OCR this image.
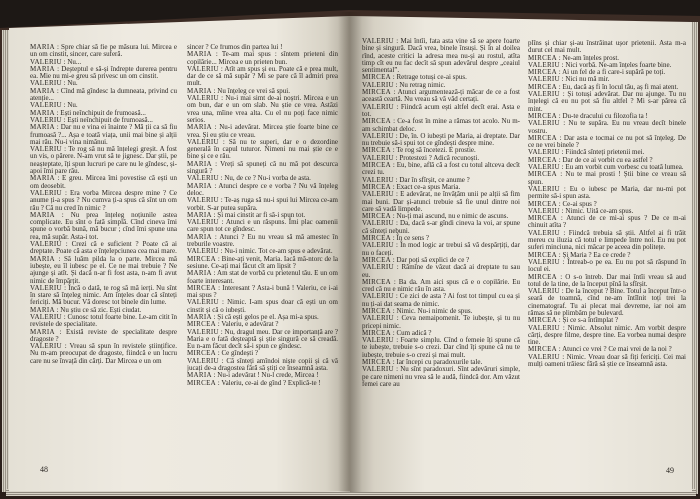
MARIA : Spre chiar să fie pe măsura lui. Mircea e un om cinstit, sincer, care suferă.

VALERIU : Nu...

MARIA : Deșteptul e să-și îndrepte durerea pentru ea. Mie nu mi-e greu să privesc un om cinstit.

VALERIU : Nu.

MARIA : Cînd mă gîndesc la dumneata, privind cu atenție...

VALERIU : Nu.

MARIA : Ești neînchipuit de frumoasă...

VALERIU : Ești neînchipuit de frumoasă...

MARIA : Dar nu e vina ei înainte ? Mă ții ca să fiu frumoasă ?... Așa e toată viața, unii mai bine și alții mai rău. Nu-i vina nimănui.

VALERIU : Te rog să nu mă înțelegi greșit. A fost un vis, o părere. N-am vrut să te jignesc. Dar știi, pe neașteptate, îți spun lucruri pe care nu le gîndesc, și-apoi îmi pare rău.

MARIA : E greu. Mircea îmi povestise că ești un om deosebit.

VALERIU : Era vorba Mircea despre mine ? Ce anume ți-a spus ? Nu cumva ți-a spus că sînt un om rău ? Că nu cred în nimic ?

MARIA : Nu prea înțeleg noțiunile astea complicate. Eu sînt o fată simplă. Cînd cineva îmi spune o vorbă bună, mă bucur ; cînd îmi spune una rea, mă supăr. Asta-i tot.

VALERIU : Crezi că e suficient ? Poate că ai dreptate. Poate că asta e înțelepciunea cea mai mare.

MARIA : Să luăm pilda la o parte. Mircea mă iubește, eu îl iubesc pe el. Ce ne mai trebuie ? Ne ajunge și atît. Și dacă n-ar fi fost asta, n-am fi avut nimic de împărțit.

VALERIU : Încă o dată, te rog să mă ierți. Nu sînt în stare să înțeleg nimic. Am înțeles doar că sînteți fericiți. Mă bucur. Vă doresc tot binele din lume.

MARIA : Nu știu ce să zic. Ești ciudat.

VALERIU : Cunosc totul foarte bine. Le-am citit în revistele de specialitate.

MARIA : Există reviste de specialitate despre dragoste ?

VALERIU : Vreau să spun în revistele științifice. Nu m-am preocupat de dragoste, fiindcă e un lucru care nu se învață din cărți. Dar Mircea e un om

sincer ? Ce frumos din partea lui !

MARIA : Te-am mai spus : sîntem prieteni din copilărie... Mircea e un prieten bun.

VALERIU : Atît am spus și eu. Poate că e prea mult, dar de ce să mă supăr ? Mi se pare că îl admiri prea mult.

MARIA : Nu înțeleg ce vrei să spui.

VALERIU : Nu-i mai simt de-ai noștri. Mircea e un om bun, dar e un om slab. Nu știe ce vrea. Astăzi vrea una, mîine vrea alta. Cu el nu poți face nimic serios.

MARIA : Nu-i adevărat. Mircea știe foarte bine ce vrea. Și eu știu ce vreau.

VALERIU : Să nu te superi, dar e o dezordine generală în capul tuturor. Nimeni nu mai știe ce e bine și ce e rău.

MARIA : Vreți să spuneți că nu mă pot descurca singură ?

VALERIU : Nu, de ce ? Nu-i vorba de asta.

MARIA : Atunci despre ce e vorba ? Nu vă înțeleg deloc.

VALERIU : Te-aș ruga să nu-i spui lui Mircea ce-am vorbit. S-ar putea supăra.

MARIA : Și mai cinstit ar fi să-i spun tot.

VALERIU : Atunci e un răspuns. Îmi plac oamenii care spun tot ce gîndesc.

MARIA : Atunci ? Eu nu vreau să mă amestec în treburile voastre.

VALERIU : Nu-i nimic. Tot ce-am spus e adevărat.

MIRCEA : Bine-ați venit, Maria. Iacă mă-ntorc de la sesiune. Ce-ați mai făcut cît am lipsit ?

MARIA : Am stat de vorbă cu prietenul tău. E un om foarte interesant.

MIRCEA : Interesant ? Asta-i bună ! Valeriu, ce i-ai mai spus ?

VALERIU : Nimic. I-am spus doar că ești un om cinstit și că o iubești.

MARIA : Și că ești gelos pe el. Așa mi-a spus.

MIRCEA : Valeriu, e adevărat ?

VALERIU : Nu, dragul meu. Dar ce importanță are ? Maria e o fată deșteaptă și știe singură ce să creadă. Eu n-am făcut decît să-i spun ce gîndesc.

MIRCEA : Ce gîndești ?

VALERIU : Că sînteți amîndoi niște copii și că vă jucați de-a dragostea fără să știți ce înseamnă asta.

MARIA : Nu-i adevărat ! Nu-l crede, Mircea !

MIRCEA : Valeriu, ce-ai de gînd ? Explică-te !

VALERIU : Mai întîi, fata asta vine să se apere foarte bine și singură. Dacă vrea, binele însuși. Și în al doilea rînd, aceste critici la adresa mea nu-și au rostul, atîta timp cît eu nu fac decît să spun adevărul despre „ceaiul sentimental”.

MIRCEA : Retrage totuși ce-ai spus.

VALERIU : Nu retrag nimic.

MIRCEA : Atunci argumentează-ți măcar de ce a fost această ceartă. Nu vreau să vă văd certați.

VALERIU : Fiindcă acum ești altfel decît erai. Asta e tot.

MIRCEA : Ce-a fost în mine a rămas tot acolo. Nu m-am schimbat deloc.

VALERIU : De, în. O iubești pe Maria, ai dreptate. Dar nu trebuie să-i spui tot ce gîndești despre mine.

MIRCEA : Te rog să încetezi. E prostie.

VALERIU : Protestezi ? Adică recunoști.

MIRCEA : Eu, bine, află că a fost cu totul altceva decît crezi tu.

VALERIU : Dar în sfîrșit, ce anume ?

MIRCEA : Exact ce-a spus Maria.

VALERIU : E adevărat, ne învățăm unii pe alții să fim mai buni. Dar și-atunci trebuie să fie unul dintre noi care să vadă limpede.

MIRCEA : Nu-ți mai ascund, nu e nimic de ascuns.

VALERIU : Da, dacă s-ar gîndi cineva la voi, ar spune că sînteți nebuni.

MIRCEA : În ce sens ?

VALERIU : În mod logic ar trebui să vă despărțiți, dar nu o faceți.

MIRCEA : Dar poți să explici de ce ?

VALERIU : Rămîne de văzut dacă ai dreptate tu sau eu.

MIRCEA : Ba da. Am aici spus că e o copilărie. Eu cred că nu e nimic rău în asta.

VALERIU : Ce zici de asta ? Ai fost tot timpul cu ea și nu ți-ai dat seama de nimic.

MIRCEA : Nimic. Nu-i nimic de spus.

VALERIU : Ceva nemaipomenit. Te iubește, și tu nu pricepi nimic.

MIRCEA : Cum adică ?

VALERIU : Foarte simplu. Cînd o femeie îți spune că te iubește, trebuie s-o crezi. Dar cînd îți spune că nu te iubește, trebuie s-o crezi și mai mult.

MIRCEA : Iar începi cu paradoxurile tale.

VALERIU : Nu sînt paradoxuri. Sînt adevăruri simple, pe care nimeni nu vrea să le audă, fiindcă dor. Am văzut femei care au

plîns și chiar și-au înstrăinat ușor prietenii. Asta m-a durut cel mai mult.

MIRCEA : Ne-am înțeles prost.

VALERIU : Nici vorbă. Ne-am înțeles foarte bine.

MIRCEA : Ai un fel de a fi care-i supără pe toți.

VALERIU : Nici nu mă mir.

MIRCEA : Eu, dacă aș fi în locul tău, aș fi mai atent.

VALERIU : Și totuși adevărat. Dar nu ajunge. Tu nu înțelegi că eu nu pot să fiu altfel ? Mi s-ar părea că mint.

MIRCEA : Du-te dracului cu filozofia ta !

VALERIU : Nu te supăra. Eu nu vreau decît binele vostru.

MIRCEA : Dar asta e tocmai ce nu pot să înțeleg. De ce ne vrei binele ?

VALERIU : Fiindcă sînteți prietenii mei.

MIRCEA : Dar de ce ai vorbit cu ea astfel ?

VALERIU : Eu am vorbit cum vorbesc cu toată lumea.

MIRCEA : Nu te mai prosti ! Știi bine ce vreau să spun.

VALERIU : Eu o iubesc pe Maria, dar nu-mi pot permite să-i spun asta.

MIRCEA : Ce-ai spus ?

VALERIU : Nimic. Uită ce-am spus.

MIRCEA : Atunci de ce mi-ai spus ? De ce m-ai chinuit atîta ?

VALERIU : Fiindcă trebuia să știi. Altfel ai fi trăit mereu cu iluzia că totul e limpede între noi. Eu nu pot suferi minciuna, nici măcar pe aceea din politețe.

MIRCEA : Și Maria ? Ea ce crede ?

VALERIU : Întreab-o pe ea. Eu nu pot să răspund în locul ei.

MIRCEA : O s-o întreb. Dar mai întîi vreau să aud totul de la tine, de la început pînă la sfîrșit.

VALERIU : De la început ? Bine. Totul a început într-o seară de toamnă, cînd ne-am întîlnit toți trei la cinematograf. Tu ai plecat mai devreme, iar noi am rămas să ne plimbăm pe bulevard.

MIRCEA : Și ce s-a întîmplat ?

VALERIU : Nimic. Absolut nimic. Am vorbit despre cărți, despre filme, despre tine. Ea vorbea numai despre tine.

MIRCEA : Atunci ce vrei ? Ce mai vrei de la noi ?

VALERIU : Nimic. Vreau doar să fiți fericiți. Cei mai mulți oameni trăiesc fără să știe ce înseamnă asta.

48	49
